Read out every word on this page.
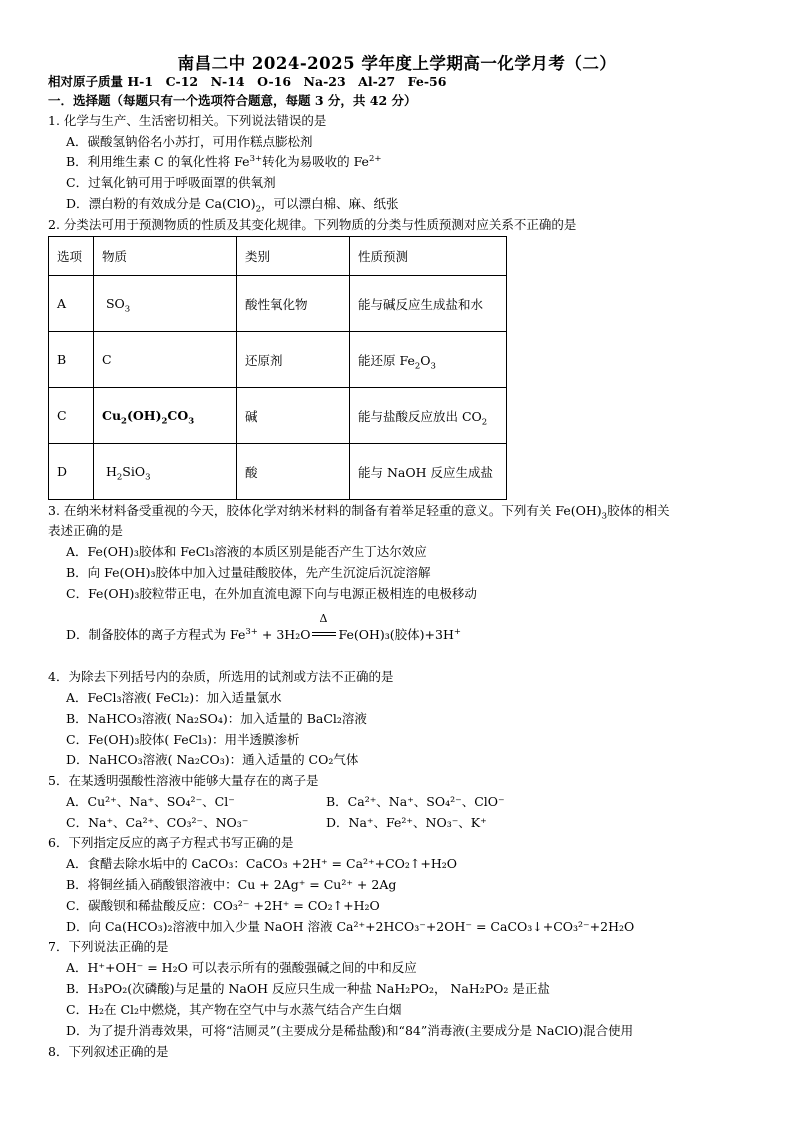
南昌二中 2024-2025 学年度上学期高一化学月考（二）
相对原子质量 H-1　C-12　N-14　O-16　Na-23　Al-27　Fe-56
一．选择题（每题只有一个选项符合题意，每题 3 分，共 42 分）
1. 化学与生产、生活密切相关。下列说法错误的是
A．碳酸氢钠俗名小苏打，可用作糕点膨松剂
B．利用维生素 C 的氧化性将 $Fe^{3+}$转化为易吸收的 $Fe^{2+}$
C．过氧化钠可用于呼吸面罩的供氧剂
D．漂白粉的有效成分是 $Ca(ClO)_2$，可以漂白棉、麻、纸张
2. 分类法可用于预测物质的性质及其变化规律。下列物质的分类与性质预测对应关系不正确的是
选项	物质	类别	性质预测
A	$SO_3$	酸性氧化物	能与碱反应生成盐和水
B	C	还原剂	能还原 $Fe_2O_3$
C	$Cu_2(OH)_2CO_3$	碱	能与盐酸反应放出 $CO_2$
D	$H_2SiO_3$	酸	能与 NaOH 反应生成盐
3. 在纳米材料备受重视的今天，胶体化学对纳米材料的制备有着举足轻重的意义。下列有关 $Fe(OH)_3$胶体的相关
表述正确的是
A．Fe(OH)₃胶体和 FeCl₃溶液的本质区别是能否产生丁达尔效应
B．向 Fe(OH)₃胶体中加入过量硅酸胶体，先产生沉淀后沉淀溶解
C．Fe(OH)₃胶粒带正电，在外加直流电源下向与电源正极相连的电极移动
D．制备胶体的离子方程式为 $Fe^{3+} + 3H_2O$
Δ
Fe(OH)₃(胶体)+3H+
4．为除去下列括号内的杂质，所选用的试剂或方法不正确的是
A．FeCl₃溶液( FeCl₂)：加入适量氯水
B．NaHCO₃溶液( Na₂SO₄)：加入适量的 BaCl₂溶液
C．Fe(OH)₃胶体( FeCl₃)：用半透膜渗析
D．NaHCO₃溶液( Na₂CO₃)：通入适量的 CO₂气体
5．在某透明强酸性溶液中能够大量存在的离子是
A．Cu²⁺、Na⁺、SO₄²⁻、Cl⁻	B．Ca²⁺、Na⁺、SO₄²⁻、ClO⁻
C．Na⁺、Ca²⁺、CO₃²⁻、NO₃⁻	D．Na⁺、Fe²⁺、NO₃⁻、K⁺
6．下列指定反应的离子方程式书写正确的是
A．食醋去除水垢中的 CaCO₃：CaCO₃ +2H⁺ = Ca²⁺+CO₂↑+H₂O
B．将铜丝插入硝酸银溶液中：Cu + 2Ag⁺ = Cu²⁺ + 2Ag
C．碳酸钡和稀盐酸反应：CO₃²⁻ +2H⁺ = CO₂↑+H₂O
D．向 Ca(HCO₃)₂溶液中加入少量 NaOH 溶液 Ca²⁺+2HCO₃⁻+2OH⁻ = CaCO₃↓+CO₃²⁻+2H₂O
7．下列说法正确的是
A．H⁺+OH⁻ = H₂O 可以表示所有的强酸强碱之间的中和反应
B．H₃PO₂(次磷酸)与足量的 NaOH 反应只生成一种盐 NaH₂PO₂， NaH₂PO₂ 是正盐
C．H₂在 Cl₂中燃烧，其产物在空气中与水蒸气结合产生白烟
D．为了提升消毒效果，可将“洁厕灵”(主要成分是稀盐酸)和“84”消毒液(主要成分是 NaClO)混合使用
8．下列叙述正确的是
